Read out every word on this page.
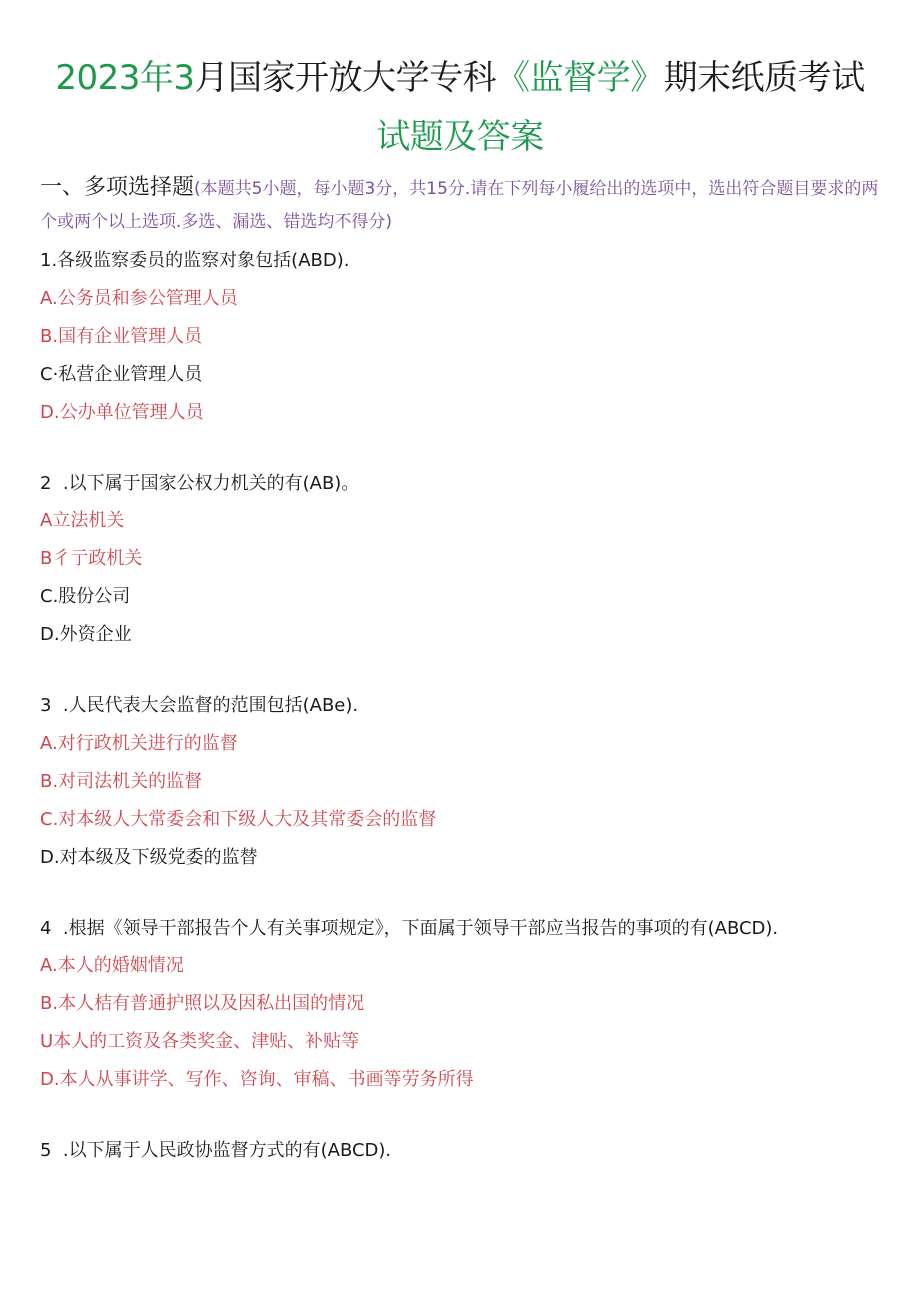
2023年3月国家开放大学专科《监督学》期末纸质考试
试题及答案
一、多项选择题(本题共5小题，每小题3分，共15分.请在下列每小履给出的选项中，选出符合题目要求的两个或两个以上选项.多选、漏选、错选均不得分)
1.各级监察委员的监察对象包括(ABD).
A.公务员和参公管理人员
B.国有企业管理人员
C·私营企业管理人员
D.公办单位管理人员
2  .以下属于国家公权力机关的有(AB)。
A立法机关
B彳亍政机关
C.股份公司
D.外资企业
3  .人民代表大会监督的范围包括(ABe).
A.对行政机关进行的监督
B.对司法机关的监督
C.对本级人大常委会和下级人大及其常委会的监督
D.对本级及下级党委的监替
4  .根据《领导干部报告个人有关事项规定》，下面属于领导干部应当报告的事项的有(ABCD).
A.本人的婚姻情况
B.本人桔有普通护照以及因私出国的情况
U本人的工资及各类奖金、津贴、补贴等
D.本人从事讲学、写作、咨询、审稿、书画等劳务所得
5  .以下属于人民政协监督方式的有(ABCD).
